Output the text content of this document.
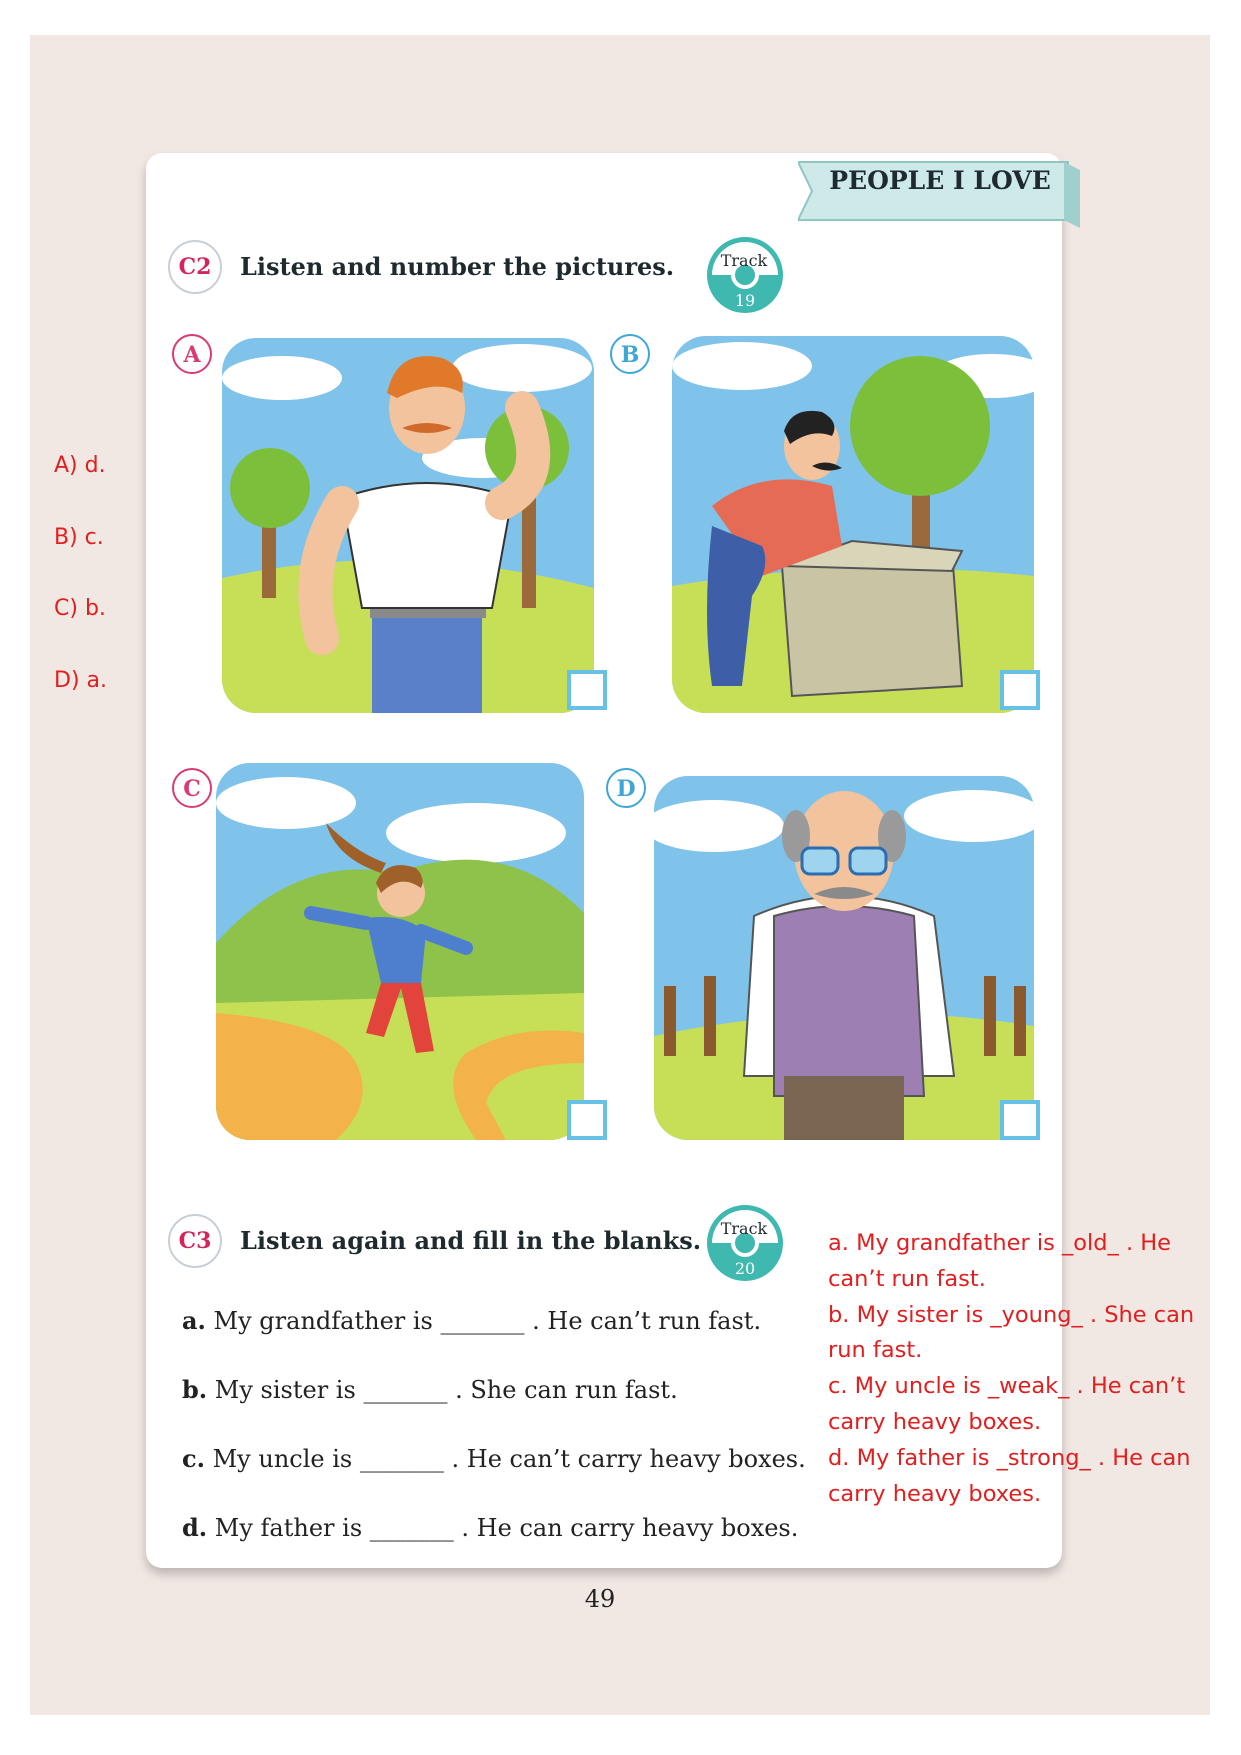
PEOPLE I LOVE
C2	Listen and number the pictures.	Track
19
A	B
C	D
C3	Listen again and fill in the blanks. Track
20
a. My grandfather is _______ . He can’t run fast.
b. My sister is _______ . She can run fast.
c. My uncle is _______ . He can’t carry heavy boxes.
d. My father is _______ . He can carry heavy boxes.
A) d.
B) c.
C) b.
D) a.
a. My grandfather is _old_ . He can’t run fast.
b. My sister is _young_ . She can run fast.
c. My uncle is _weak_ . He can’t carry heavy boxes.
d. My father is _strong_ . He can carry heavy boxes.
49
